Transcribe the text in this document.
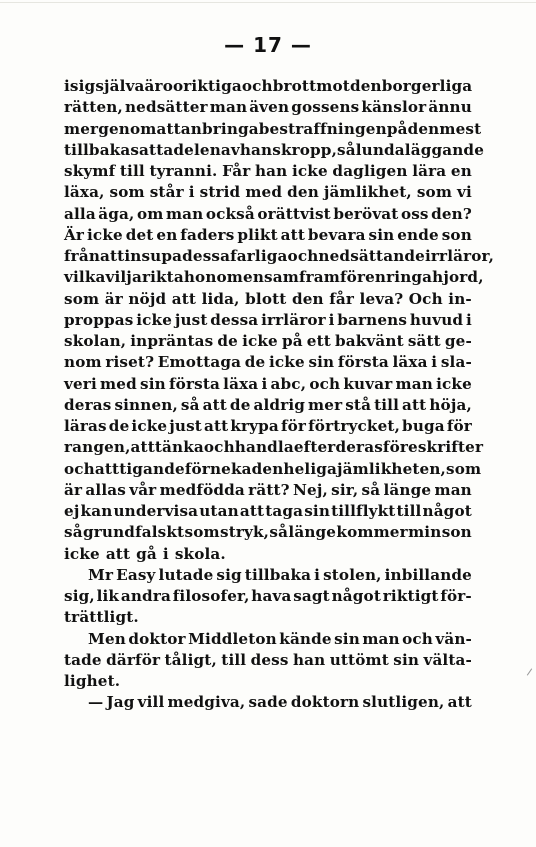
— 17 —
i sig själva äro oriktiga och brott mot den borgerliga
rätten, nedsätter man även gossens känslor ännu
mer genom att anbringa bestraffningen på den mest
tillbakasatta delen av hans kropp, sålunda läggande
skymf till tyranni. Får han icke dagligen lära en
läxa, som står i strid med den jämlikhet, som vi
alla äga, om man också orättvist berövat oss den?
Är icke det en faders plikt att bevara sin ende son
från att insupa dessa farliga och nedsättande irrläror,
vilka vilja rikta honom ensam framför en ringa hjord,
som är nöjd att lida, blott den får leva? Och in-
proppas icke just dessa irrläror i barnens huvud i
skolan, inpräntas de icke på ett bakvänt sätt ge-
nom riset? Emottaga de icke sin första läxa i sla-
veri med sin första läxa i abc, och kuvar man icke
deras sinnen, så att de aldrig mer stå till att höja,
läras de icke just att krypa för förtrycket, buga för
rangen, att tänka och handla efter deras föreskrifter
och att tigande förneka den heliga jämlikheten, som
är allas vår medfödda rätt? Nej, sir, så länge man
ej kan undervisa utan att taga sin tillflykt till något
så grundfalskt som stryk, så länge kommer min son
icke att gå i skola.
Mr Easy lutade sig tillbaka i stolen, inbillande
sig, lik andra filosofer, hava sagt något riktigt för-
trättligt.
Men doktor Middleton kände sin man och vän-
tade därför tåligt, till dess han uttömt sin välta-
lighet.
— Jag vill medgiva, sade doktorn slutligen, att
